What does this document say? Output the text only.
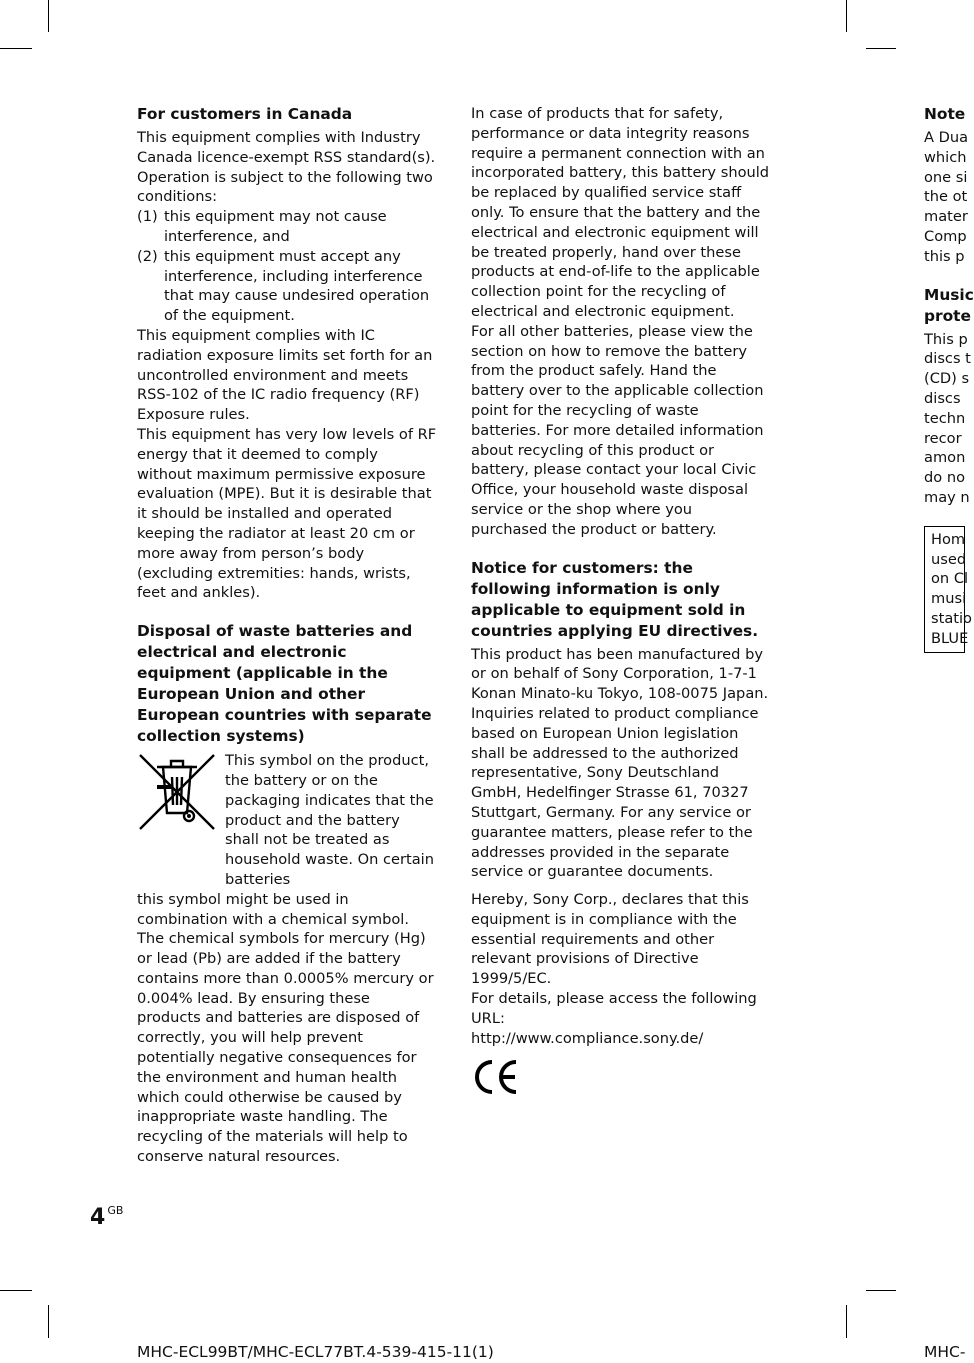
For customers in Canada

This equipment complies with Industry Canada licence-exempt RSS standard(s). Operation is subject to the following two conditions:

(1) this equipment may not cause interference, and
(2) this equipment must accept any interference, including interference that may cause undesired operation of the equipment.

This equipment complies with IC radiation exposure limits set forth for an uncontrolled environment and meets RSS-102 of the IC radio frequency (RF) Exposure rules.

This equipment has very low levels of RF energy that it deemed to comply without maximum permissive exposure evaluation (MPE). But it is desirable that it should be installed and operated keeping the radiator at least 20 cm or more away from person’s body (excluding extremities: hands, wrists, feet and ankles).

Disposal of waste batteries and electrical and electronic equipment (applicable in the European Union and other European countries with separate collection systems)

This symbol on the product, the battery or on the packaging indicates that the product and the battery shall not be treated as household waste. On certain batteries

this symbol might be used in combination with a chemical symbol. The chemical symbols for mercury (Hg) or lead (Pb) are added if the battery contains more than 0.0005% mercury or 0.004% lead. By ensuring these products and batteries are disposed of correctly, you will help prevent potentially negative consequences for the environment and human health which could otherwise be caused by inappropriate waste handling. The recycling of the materials will help to conserve natural resources.

In case of products that for safety, performance or data integrity reasons require a permanent connection with an incorporated battery, this battery should be replaced by qualified service staff only. To ensure that the battery and the electrical and electronic equipment will be treated properly, hand over these products at end-of-life to the applicable collection point for the recycling of electrical and electronic equipment.

For all other batteries, please view the section on how to remove the battery from the product safely. Hand the battery over to the applicable collection point for the recycling of waste batteries. For more detailed information about recycling of this product or battery, please contact your local Civic Office, your household waste disposal service or the shop where you purchased the product or battery.

Notice for customers: the following information is only applicable to equipment sold in countries applying EU directives.

This product has been manufactured by or on behalf of Sony Corporation, 1-7-1 Konan Minato-ku Tokyo, 108-0075 Japan. Inquiries related to product compliance based on European Union legislation shall be addressed to the authorized representative, Sony Deutschland GmbH, Hedelfinger Strasse 61, 70327 Stuttgart, Germany. For any service or guarantee matters, please refer to the addresses provided in the separate service or guarantee documents.

Hereby, Sony Corp., declares that this equipment is in compliance with the essential requirements and other relevant provisions of Directive 1999/5/EC.

For details, please access the following URL:

http://www.compliance.sony.de/

Note

A Dua

which

one si

the ot

mater

Comp

this p

Music

prote

This p

discs t

(CD) s

discs

techn

recor

amon

do no

may n

Hom

used

on Cl

musi

statio

BLUE

4 $^{GB}$
MHC-ECL99BT/MHC-ECL77BT.4-539-415-11(1)	MHC-
